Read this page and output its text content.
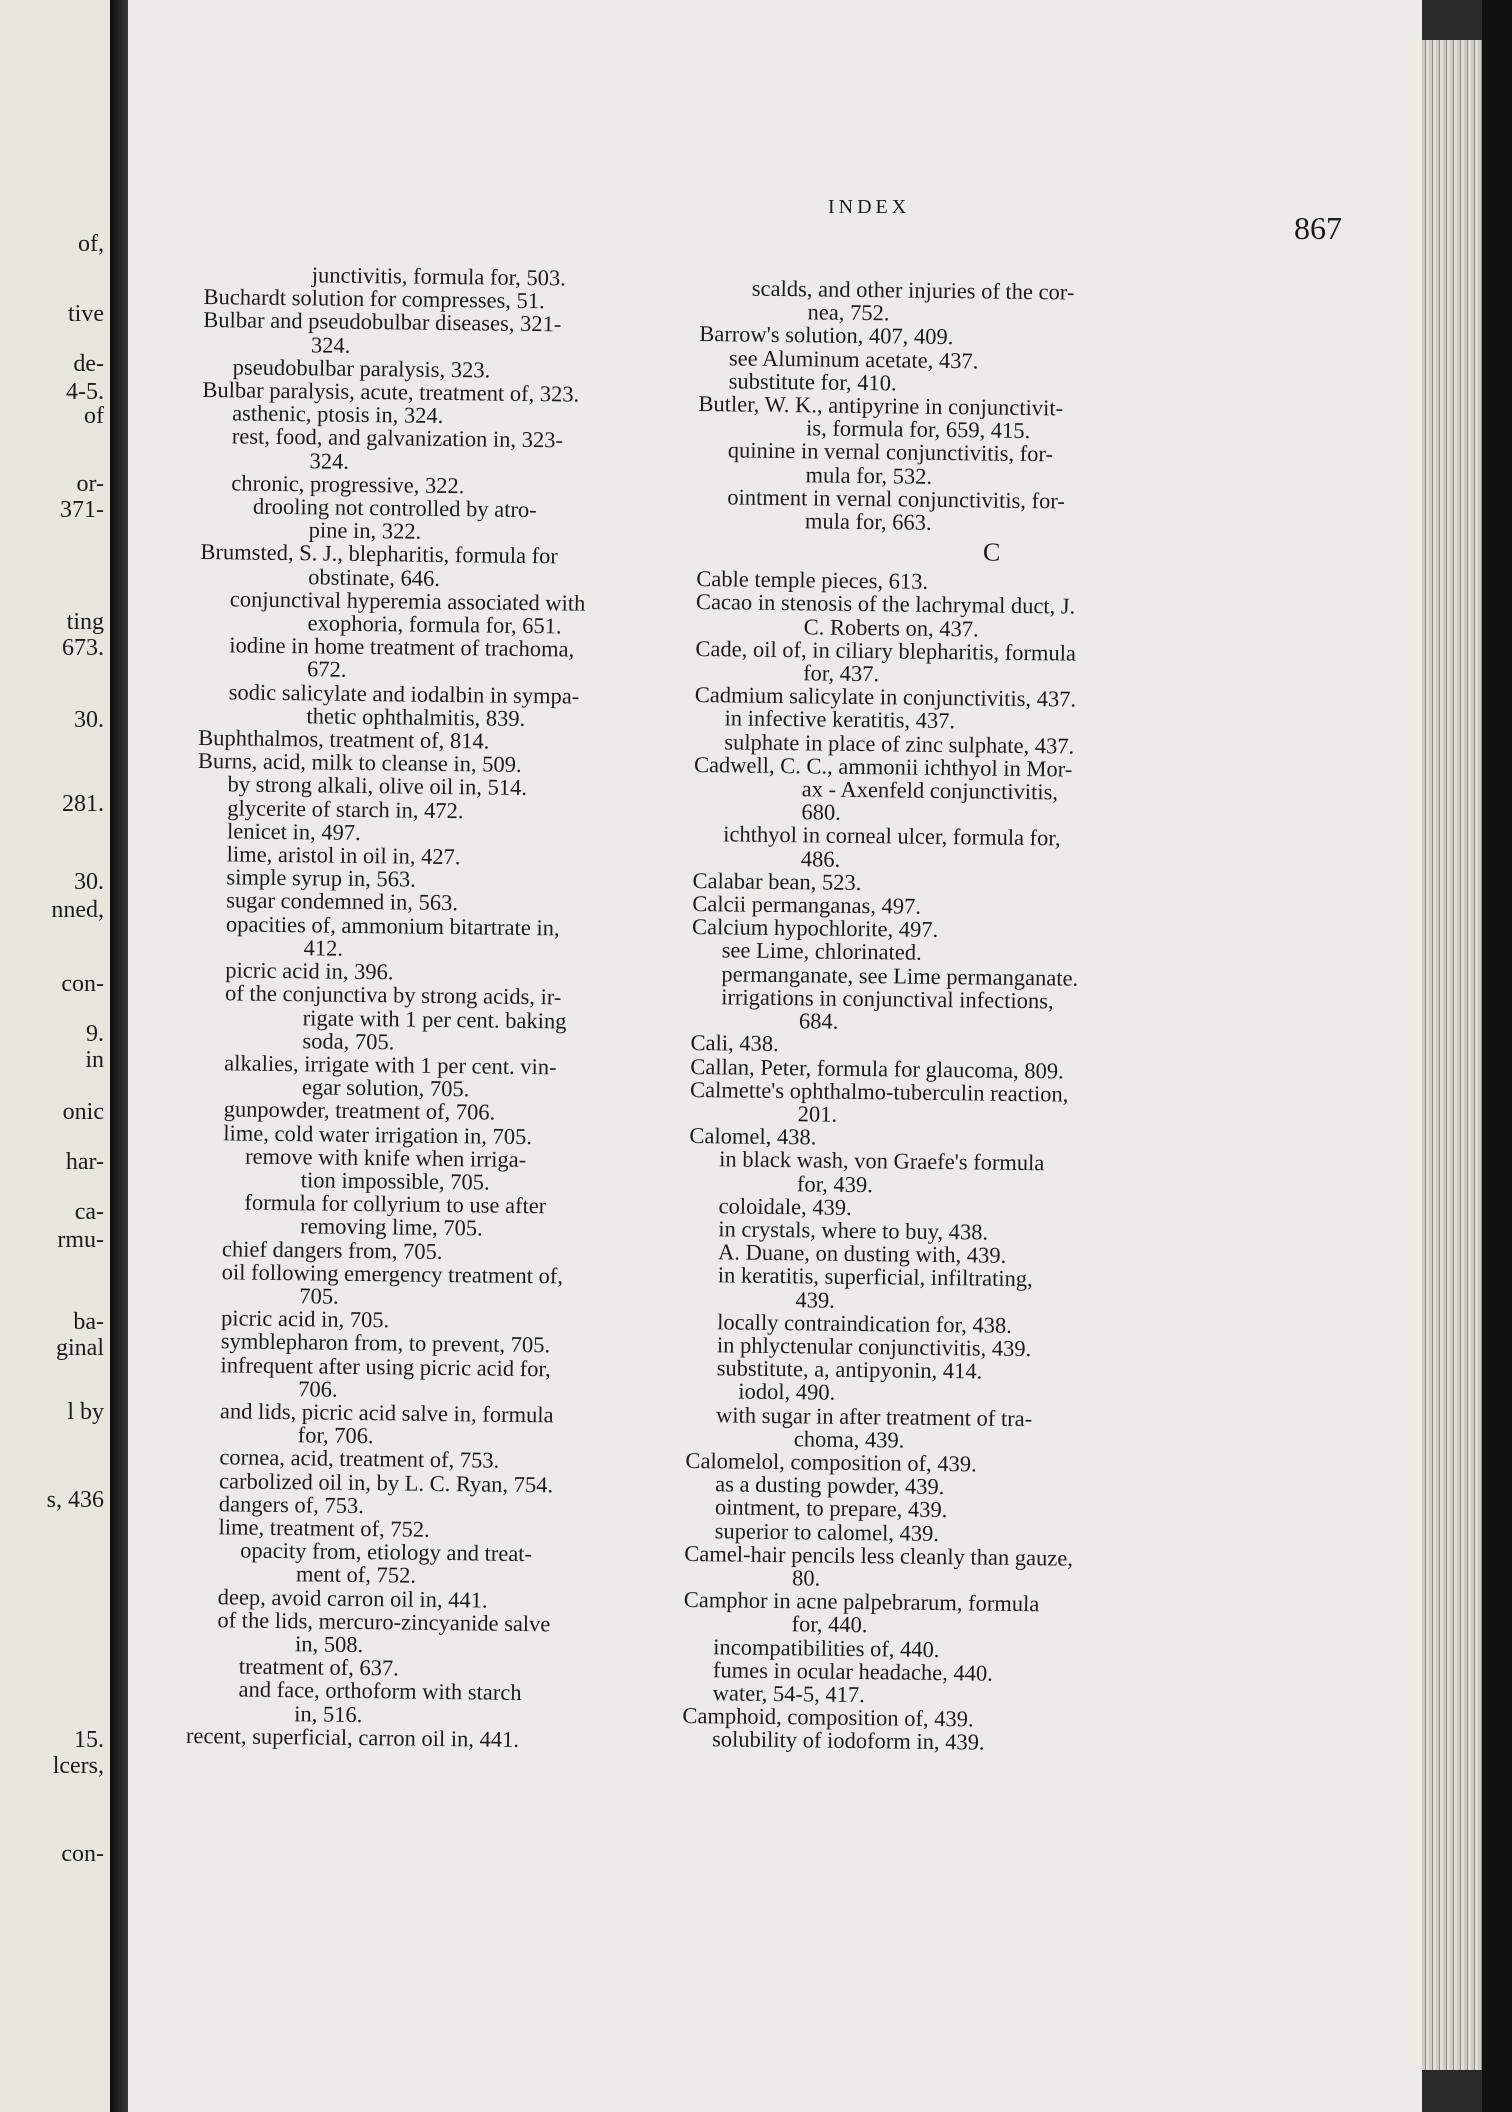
of,
tive
de-
4-5.
of
or-
371-
ting
673.
30.
281.
30.
nned,
con-
9.
in
onic
har-
ca-
rmu-
ba-
ginal
l by
s, 436
15.
lcers,
con-
INDEX
867
junctivitis, formula for, 503.
Buchardt solution for compresses, 51.
Bulbar and pseudobulbar diseases, 321-
324.
pseudobulbar paralysis, 323.
Bulbar paralysis, acute, treatment of, 323.
asthenic, ptosis in, 324.
rest, food, and galvanization in, 323-
324.
chronic, progressive, 322.
drooling not controlled by atro-
pine in, 322.
Brumsted, S. J., blepharitis, formula for
obstinate, 646.
conjunctival hyperemia associated with
exophoria, formula for, 651.
iodine in home treatment of trachoma,
672.
sodic salicylate and iodalbin in sympa-
thetic ophthalmitis, 839.
Buphthalmos, treatment of, 814.
Burns, acid, milk to cleanse in, 509.
by strong alkali, olive oil in, 514.
glycerite of starch in, 472.
lenicet in, 497.
lime, aristol in oil in, 427.
simple syrup in, 563.
sugar condemned in, 563.
opacities of, ammonium bitartrate in,
412.
picric acid in, 396.
of the conjunctiva by strong acids, ir-
rigate with 1 per cent. baking
soda, 705.
alkalies, irrigate with 1 per cent. vin-
egar solution, 705.
gunpowder, treatment of, 706.
lime, cold water irrigation in, 705.
remove with knife when irriga-
tion impossible, 705.
formula for collyrium to use after
removing lime, 705.
chief dangers from, 705.
oil following emergency treatment of,
705.
picric acid in, 705.
symblepharon from, to prevent, 705.
infrequent after using picric acid for,
706.
and lids, picric acid salve in, formula
for, 706.
cornea, acid, treatment of, 753.
carbolized oil in, by L. C. Ryan, 754.
dangers of, 753.
lime, treatment of, 752.
opacity from, etiology and treat-
ment of, 752.
deep, avoid carron oil in, 441.
of the lids, mercuro-zincyanide salve
in, 508.
treatment of, 637.
and face, orthoform with starch
in, 516.
recent, superficial, carron oil in, 441.
scalds, and other injuries of the cor-
nea, 752.
Barrow's solution, 407, 409.
see Aluminum acetate, 437.
substitute for, 410.
Butler, W. K., antipyrine in conjunctivit-
is, formula for, 659, 415.
quinine in vernal conjunctivitis, for-
mula for, 532.
ointment in vernal conjunctivitis, for-
mula for, 663.
C
Cable temple pieces, 613.
Cacao in stenosis of the lachrymal duct, J.
C. Roberts on, 437.
Cade, oil of, in ciliary blepharitis, formula
for, 437.
Cadmium salicylate in conjunctivitis, 437.
in infective keratitis, 437.
sulphate in place of zinc sulphate, 437.
Cadwell, C. C., ammonii ichthyol in Mor-
ax - Axenfeld conjunctivitis,
680.
ichthyol in corneal ulcer, formula for,
486.
Calabar bean, 523.
Calcii permanganas, 497.
Calcium hypochlorite, 497.
see Lime, chlorinated.
permanganate, see Lime permanganate.
irrigations in conjunctival infections,
684.
Cali, 438.
Callan, Peter, formula for glaucoma, 809.
Calmette's ophthalmo-tuberculin reaction,
201.
Calomel, 438.
in black wash, von Graefe's formula
for, 439.
coloidale, 439.
in crystals, where to buy, 438.
A. Duane, on dusting with, 439.
in keratitis, superficial, infiltrating,
439.
locally contraindication for, 438.
in phlyctenular conjunctivitis, 439.
substitute, a, antipyonin, 414.
iodol, 490.
with sugar in after treatment of tra-
choma, 439.
Calomelol, composition of, 439.
as a dusting powder, 439.
ointment, to prepare, 439.
superior to calomel, 439.
Camel-hair pencils less cleanly than gauze,
80.
Camphor in acne palpebrarum, formula
for, 440.
incompatibilities of, 440.
fumes in ocular headache, 440.
water, 54-5, 417.
Camphoid, composition of, 439.
solubility of iodoform in, 439.
